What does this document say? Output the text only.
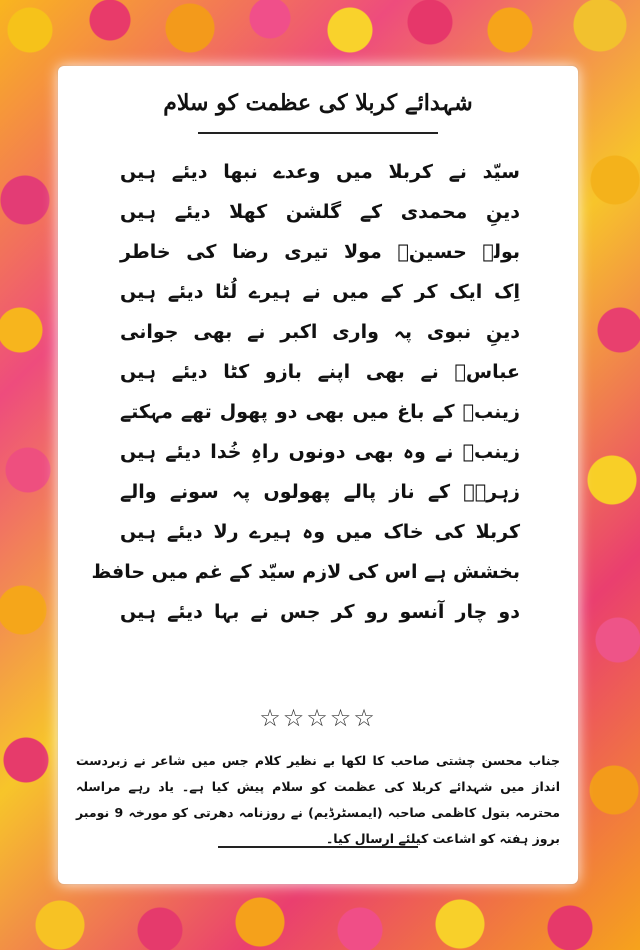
شہدائے کربلا کی عظمت کو سلام
سیّد نے کربلا میں وعدے نبھا دیئے ہیں
دینِ محمدی کے گلشن کھلا دیئے ہیں
بولے حسینؑ مولا تیری رضا کی خاطر
اِک ایک کر کے میں نے ہیرے لُٹا دیئے ہیں
دینِ نبوی پہ واری اکبر نے بھی جوانی
عباسؑ نے بھی اپنے بازو کٹا دیئے ہیں
زینبؑ کے باغ میں بھی دو پھول تھے مہکتے
زینبؑ نے وہ بھی دونوں راہِ خُدا دیئے ہیں
زہرہؑ کے ناز پالے پھولوں پہ سونے والے
کربلا کی خاک میں وہ ہیرے رلا دیئے ہیں
بخشش ہے اس کی لازم سیّد کے غم میں حافظ
دو چار آنسو رو کر جس نے بہا دیئے ہیں
☆☆☆☆☆
جناب محسن چشتی صاحب کا لکھا بے نظیر کلام جس میں شاعر نے زبردست انداز میں شہدائے کربلا کی عظمت کو سلام پیش کیا ہے۔ یاد رہے مراسلہ محترمہ بتول کاظمی صاحبہ (ایمسٹرڈیم) نے روزنامہ دھرتی کو مورخہ 9 نومبر بروز ہفتہ کو اشاعت کیلئے ارسال کیا۔
